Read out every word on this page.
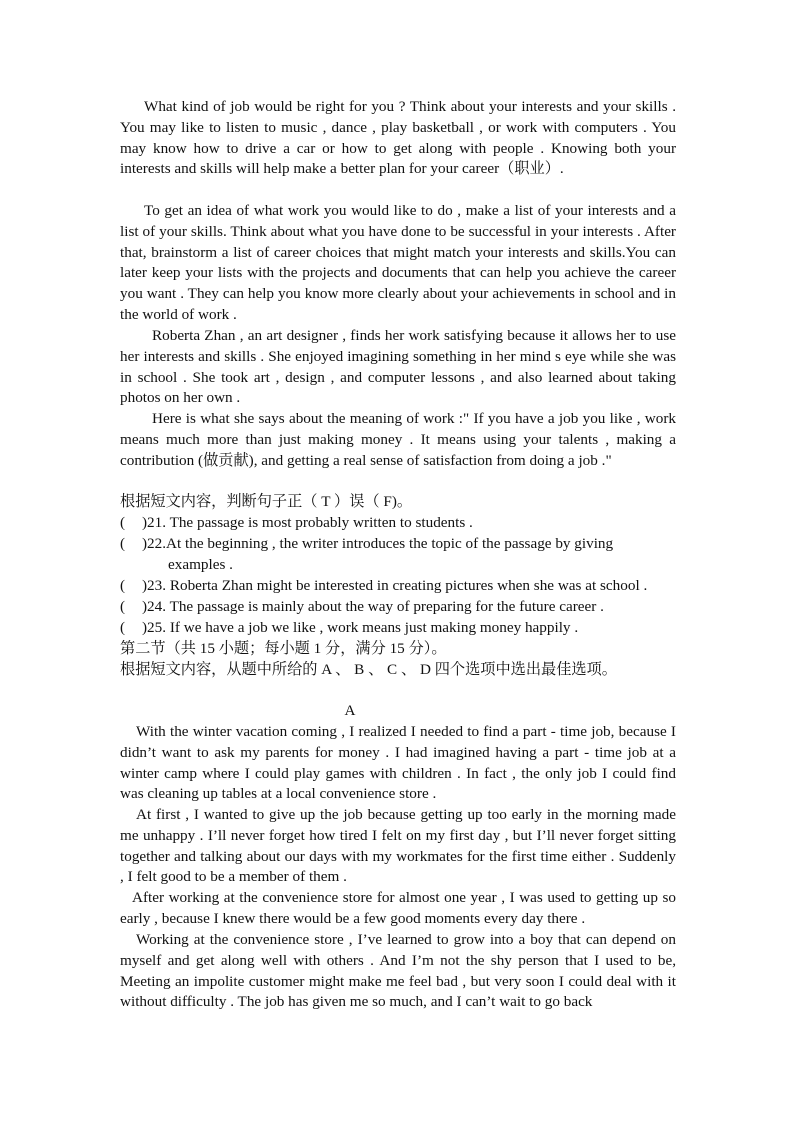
What kind of job would be right for you ? Think about your interests and your skills . You may like to listen to music , dance , play basketball , or work with computers . You may know how to drive a car or how to get along with people . Knowing both your interests and skills will help make a better plan for your career（职业）.

To get an idea of what work you would like to do , make a list of your interests and a list of your skills. Think about what you have done to be successful in your interests . After that, brainstorm a list of career choices that might match your interests and skills.You can later keep your lists with the projects and documents that can help you achieve the career you want . They can help you know more clearly about your achievements in school and in the world of work .

Roberta Zhan , an art designer , finds her work satisfying because it allows her to use her interests and skills . She enjoyed imagining something in her mind s eye while she was in school . She took art , design , and computer lessons , and also learned about taking photos on her own .

Here is what she says about the meaning of work :" If you have a job you like , work means much more than just making money . It means using your talents , making a contribution (做贡献), and getting a real sense of satisfaction from doing a job ."

根据短文内容，判断句子正（ T ）误（ F)。

( )21. The passage is most probably written to students .

( )22.At the beginning , the writer introduces the topic of the passage by giving
examples .

( )23. Roberta Zhan might be interested in creating pictures when she was at school .

( )24. The passage is mainly about the way of preparing for the future career .

( )25. If we have a job we like , work means just making money happily .

第二节（共 15 小题；每小题 1 分，满分 15 分）。

根据短文内容，从题中所给的 A 、 B 、 C 、 D 四个选项中选出最佳选项。

A

With the winter vacation coming , I realized I needed to find a part - time job, because I didn’t want to ask my parents for money . I had imagined having a part - time job at a winter camp where I could play games with children . In fact , the only job I could find was cleaning up tables at a local convenience store .

At first , I wanted to give up the job because getting up too early in the morning made me unhappy . I’ll never forget how tired I felt on my first day , but I’ll never forget sitting together and talking about our days with my workmates for the first time either . Suddenly , I felt good to be a member of them .

After working at the convenience store for almost one year , I was used to getting up so early , because I knew there would be a few good moments every day there .

Working at the convenience store , I’ve learned to grow into a boy that can depend on myself and get along well with others . And I’m not the shy person that I used to be, Meeting an impolite customer might make me feel bad , but very soon I could deal with it without difficulty . The job has given me so much, and I can’t wait to go back
